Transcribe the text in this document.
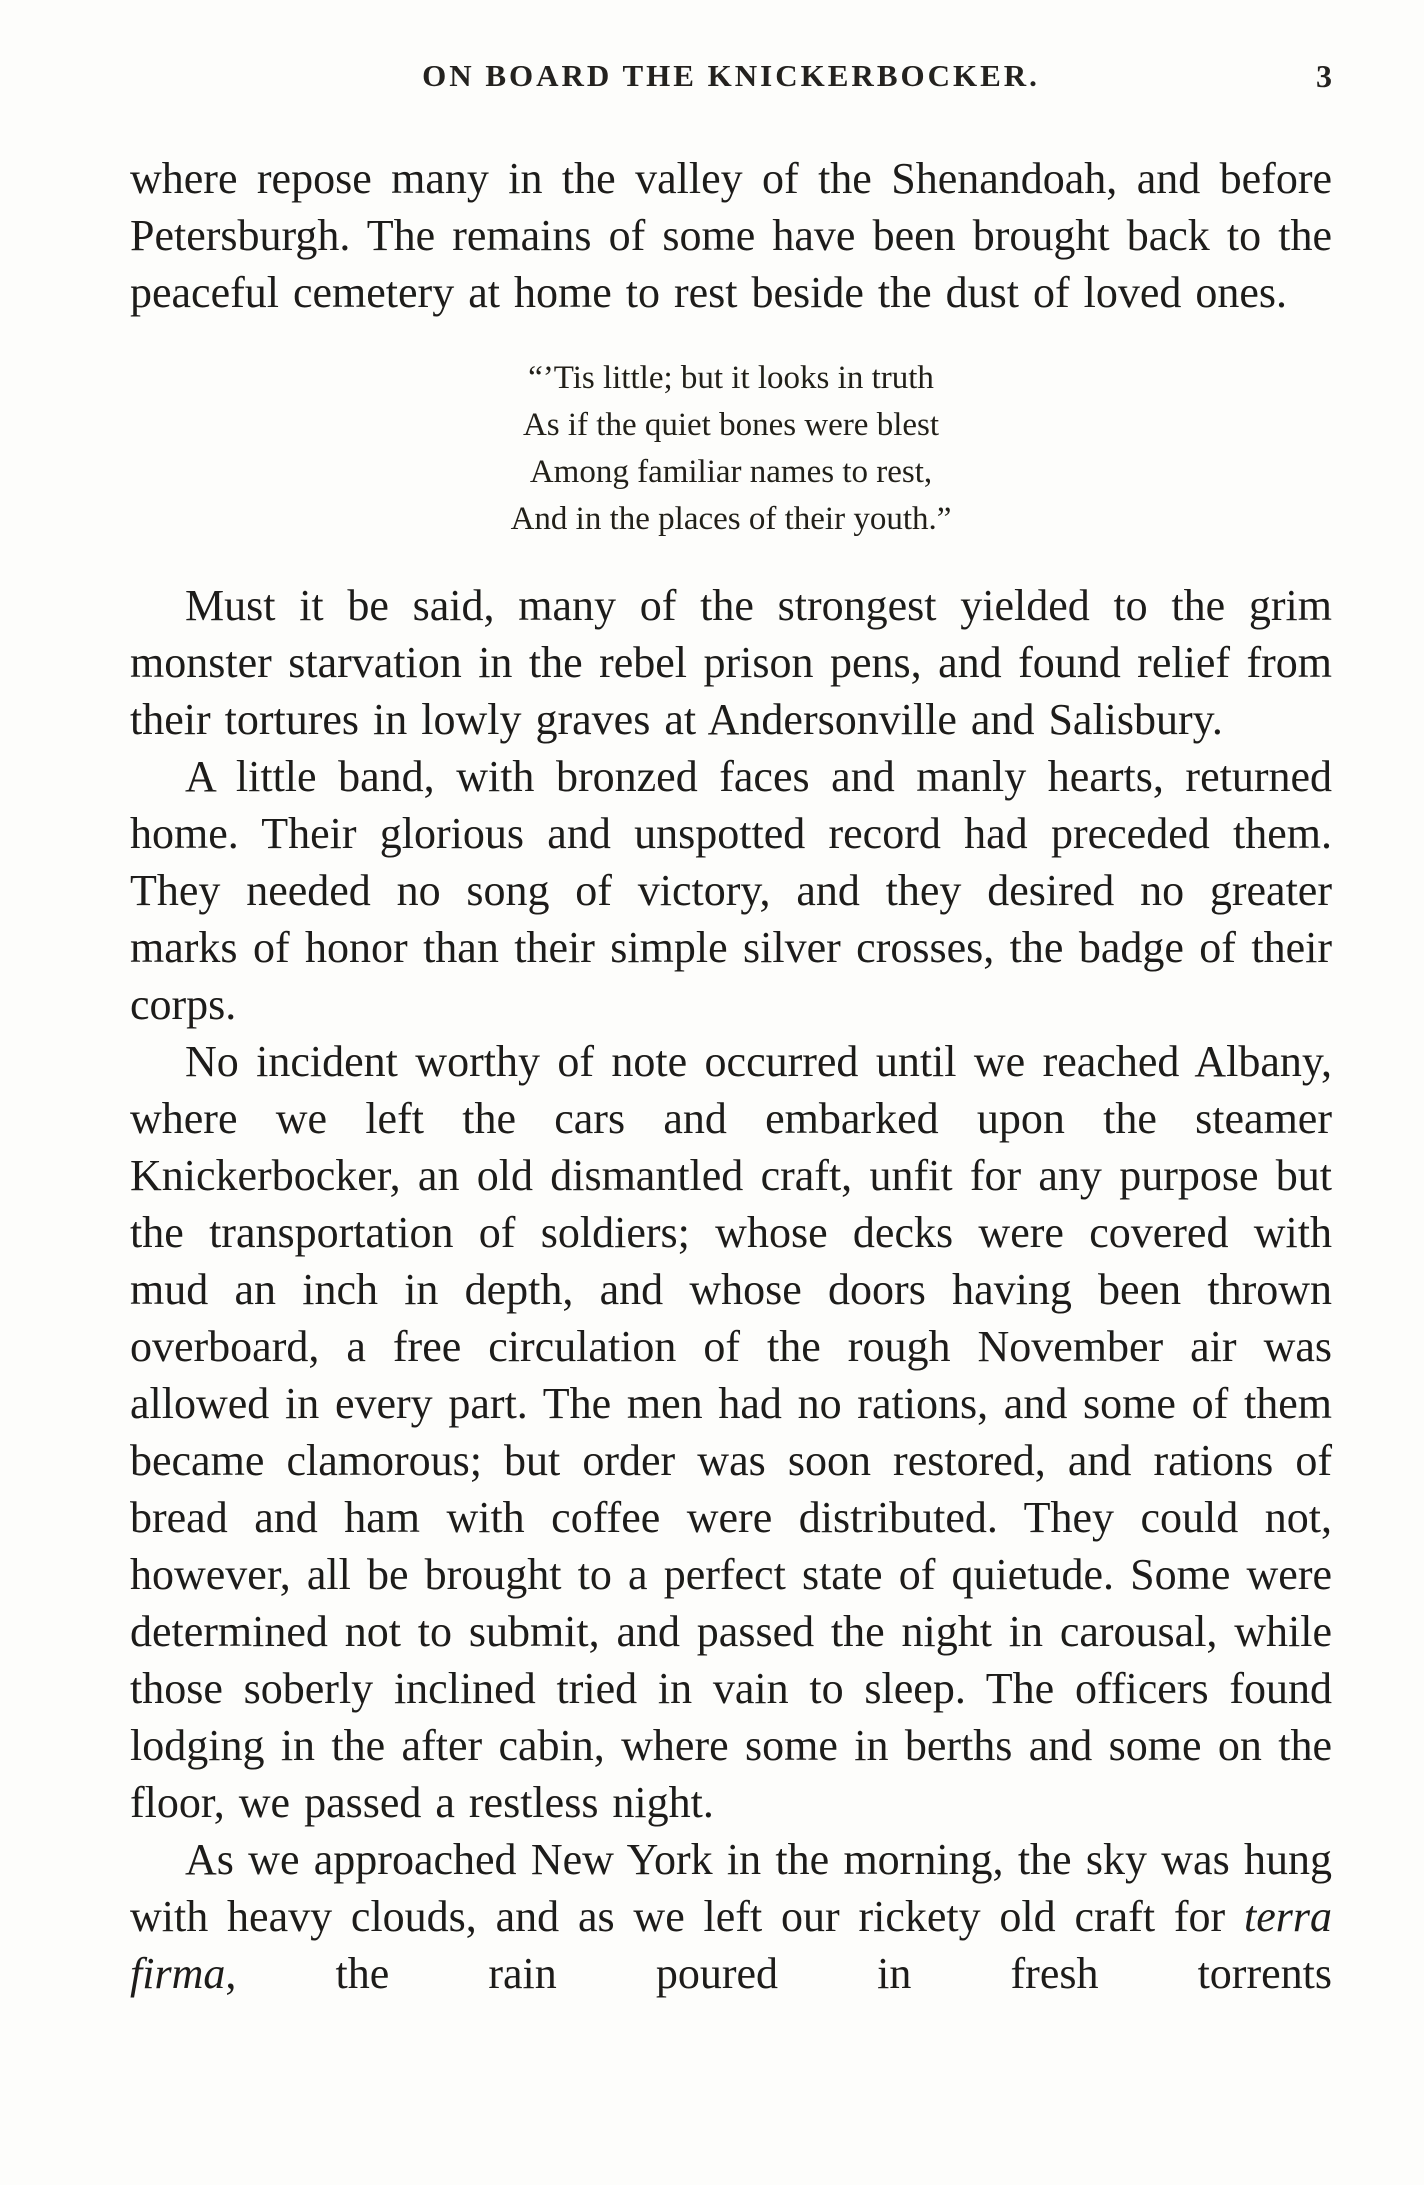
ON BOARD THE KNICKERBOCKER.	3

where repose many in the valley of the Shenandoah, and before Petersburgh. The remains of some have been brought back to the peaceful cemetery at home to rest beside the dust of loved ones.

“’Tis little; but it looks in truth
As if the quiet bones were blest
Among familiar names to rest,
And in the places of their youth.”

Must it be said, many of the strongest yielded to the grim monster starvation in the rebel prison pens, and found relief from their tortures in lowly graves at Andersonville and Salisbury.

A little band, with bronzed faces and manly hearts, returned home. Their glorious and unspotted record had preceded them. They needed no song of victory, and they desired no greater marks of honor than their simple silver crosses, the badge of their corps.

No incident worthy of note occurred until we reached Albany, where we left the cars and embarked upon the steamer Knickerbocker, an old dismantled craft, unfit for any purpose but the transportation of soldiers; whose decks were covered with mud an inch in depth, and whose doors having been thrown overboard, a free circulation of the rough November air was allowed in every part. The men had no rations, and some of them became clamorous; but order was soon restored, and rations of bread and ham with coffee were distributed. They could not, however, all be brought to a perfect state of quietude. Some were determined not to submit, and passed the night in carousal, while those soberly inclined tried in vain to sleep. The officers found lodging in the after cabin, where some in berths and some on the floor, we passed a restless night.

As we approached New York in the morning, the sky was hung with heavy clouds, and as we left our rickety old craft for terra firma, the rain poured in fresh torrents
